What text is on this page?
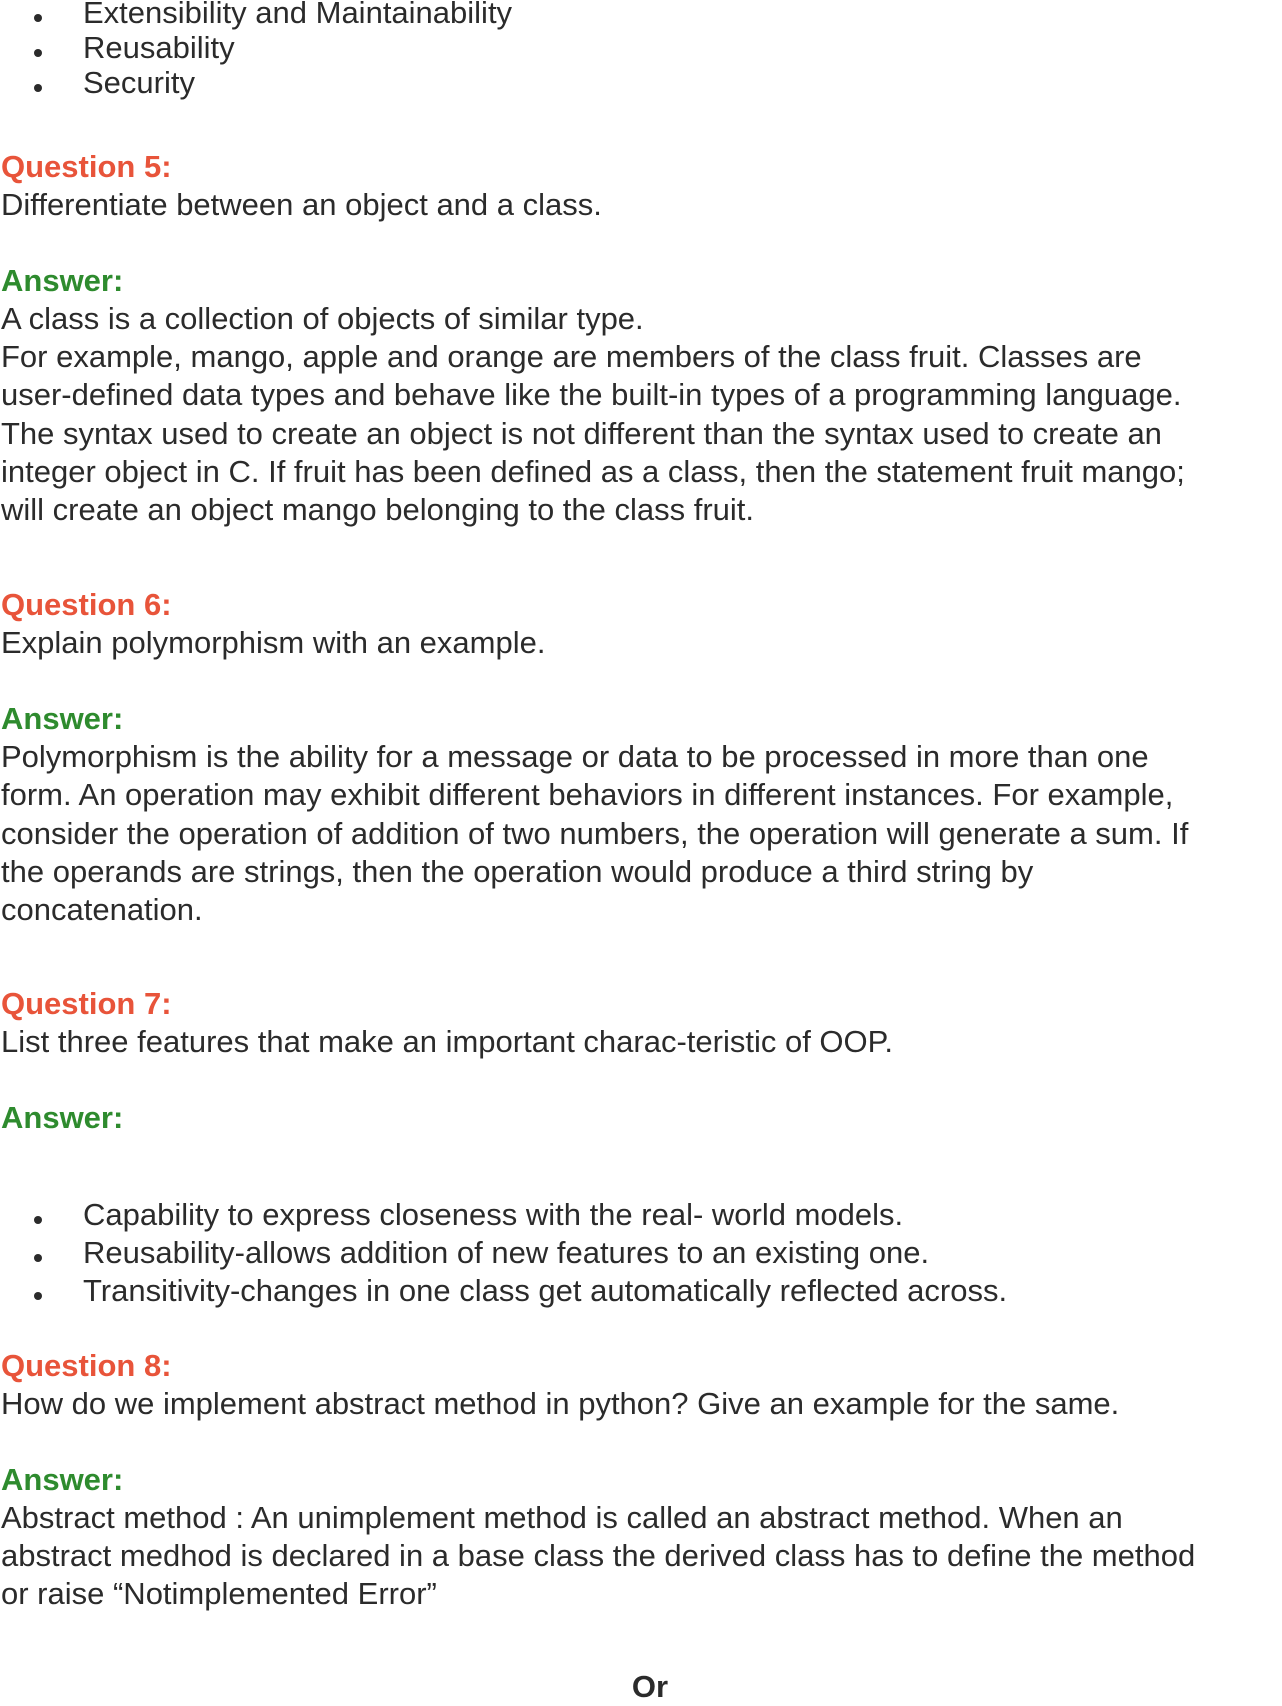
Extensibility and Maintainability
Reusability
Security
Question 5:
Differentiate between an object and a class.
Answer:
A class is a collection of objects of similar type.
For example, mango, apple and orange are members of the class fruit. Classes are
user-defined data types and behave like the built-in types of a programming language.
The syntax used to create an object is not different than the syntax used to create an
integer object in C. If fruit has been defined as a class, then the statement fruit mango;
will create an object mango belonging to the class fruit.
Question 6:
Explain polymorphism with an example.
Answer:
Polymorphism is the ability for a message or data to be processed in more than one
form. An operation may exhibit different behaviors in different instances. For example,
consider the operation of addition of two numbers, the operation will generate a sum. If
the operands are strings, then the operation would produce a third string by
concatenation.
Question 7:
List three features that make an important charac-teristic of OOP.
Answer:
Capability to express closeness with the real- world models.
Reusability-allows addition of new features to an existing one.
Transitivity-changes in one class get automatically reflected across.
Question 8:
How do we implement abstract method in python? Give an example for the same.
Answer:
Abstract method : An unimplement method is called an abstract method. When an
abstract medhod is declared in a base class the derived class has to define the method
or raise “Notimplemented Error”
Or
